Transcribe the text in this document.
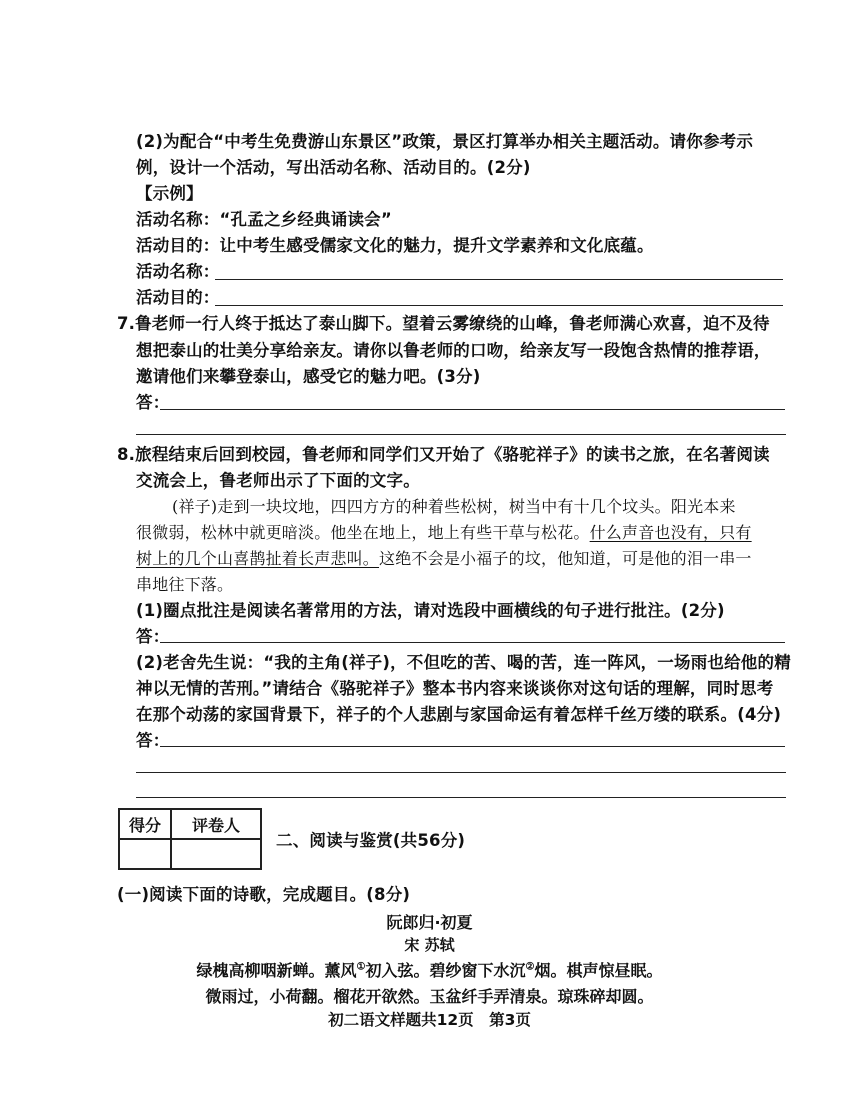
(2)为配合“中考生免费游山东景区”政策，景区打算举办相关主题活动。请你参考示
例，设计一个活动，写出活动名称、活动目的。(2分)
【示例】
活动名称：“孔孟之乡经典诵读会”
活动目的：让中考生感受儒家文化的魅力，提升文学素养和文化底蕴。
活动名称：
活动目的：
7.鲁老师一行人终于抵达了泰山脚下。望着云雾缭绕的山峰，鲁老师满心欢喜，迫不及待
想把泰山的壮美分享给亲友。请你以鲁老师的口吻，给亲友写一段饱含热情的推荐语，
邀请他们来攀登泰山，感受它的魅力吧。(3分)
答：
8.旅程结束后回到校园，鲁老师和同学们又开始了《骆驼祥子》的读书之旅，在名著阅读
交流会上，鲁老师出示了下面的文字。
(祥子)走到一块坟地，四四方方的种着些松树，树当中有十几个坟头。阳光本来
很微弱，松林中就更暗淡。他坐在地上，地上有些干草与松花。什么声音也没有，只有
树上的几个山喜鹊扯着长声悲叫。这绝不会是小福子的坟，他知道，可是他的泪一串一
串地往下落。
(1)圈点批注是阅读名著常用的方法，请对选段中画横线的句子进行批注。(2分)
答：
(2)老舍先生说：“我的主角(祥子)，不但吃的苦、喝的苦，连一阵风，一场雨也给他的精
神以无情的苦刑。”请结合《骆驼祥子》整本书内容来谈谈你对这句话的理解，同时思考
在那个动荡的家国背景下，祥子的个人悲剧与家国命运有着怎样千丝万缕的联系。(4分)
答：
得分	评卷人

二、阅读与鉴赏(共56分)
(一)阅读下面的诗歌，完成题目。(8分)
阮郎归·初夏
宋 苏轼
绿槐高柳咽新蝉。薰风①初入弦。碧纱窗下水沉②烟。棋声惊昼眠。
微雨过，小荷翻。榴花开欲然。玉盆纤手弄清泉。琼珠碎却圆。
初二语文样题共12页　第3页
